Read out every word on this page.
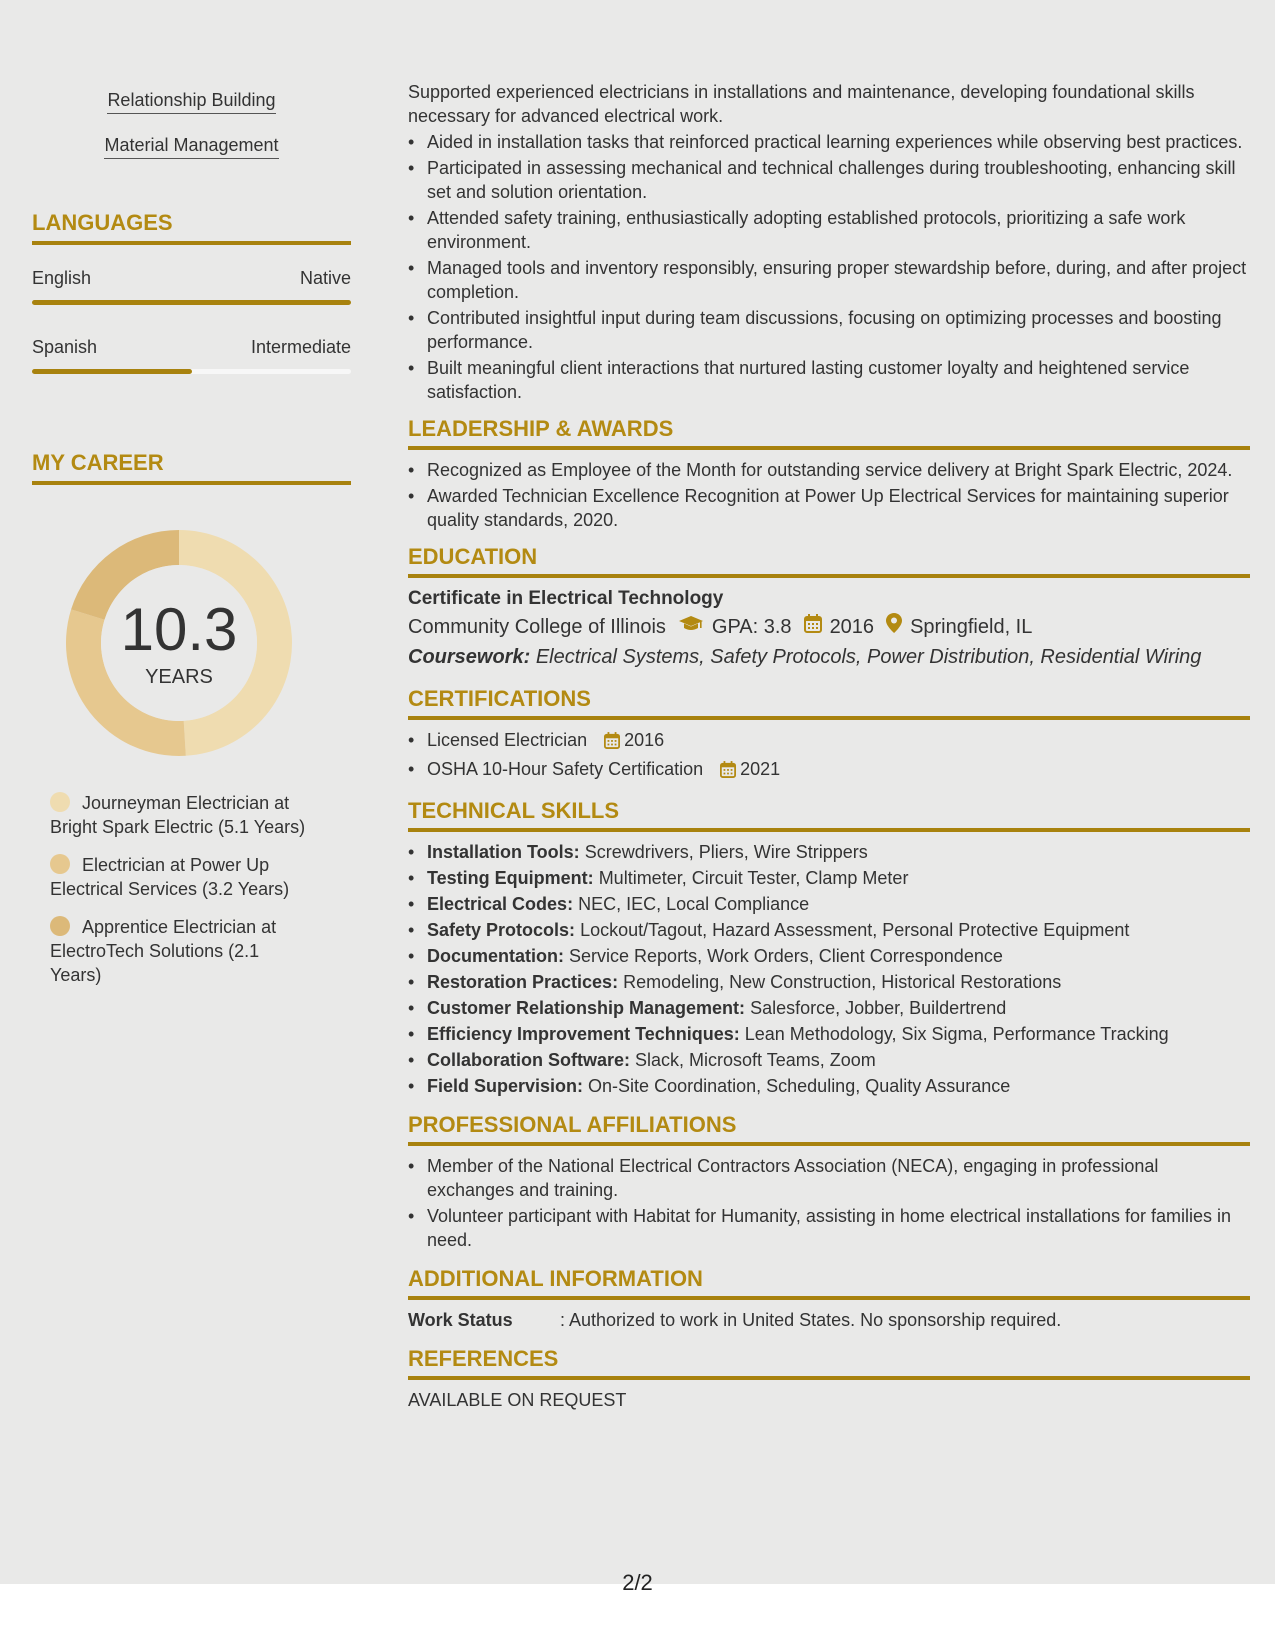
Relationship Building
Material Management
LANGUAGES
English	Native
Spanish	Intermediate
MY CAREER
10.3
YEARS
Journeyman Electrician at Bright Spark Electric (5.1 Years)
Electrician at Power Up Electrical Services (3.2 Years)
Apprentice Electrician at ElectroTech Solutions (2.1 Years)

Supported experienced electricians in installations and maintenance, developing foundational skills necessary for advanced electrical work.

• Aided in installation tasks that reinforced practical learning experiences while observing best practices.
• Participated in assessing mechanical and technical challenges during troubleshooting, enhancing skill set and solution orientation.
• Attended safety training, enthusiastically adopting established protocols, prioritizing a safe work environment.
• Managed tools and inventory responsibly, ensuring proper stewardship before, during, and after project completion.
• Contributed insightful input during team discussions, focusing on optimizing processes and boosting performance.
• Built meaningful client interactions that nurtured lasting customer loyalty and heightened service satisfaction.
LEADERSHIP & AWARDS
• Recognized as Employee of the Month for outstanding service delivery at Bright Spark Electric, 2024.
• Awarded Technician Excellence Recognition at Power Up Electrical Services for maintaining superior quality standards, 2020.
EDUCATION
Certificate in Electrical Technology
Community College of Illinois GPA: 3.8 2016 Springfield, IL
Coursework: Electrical Systems, Safety Protocols, Power Distribution, Residential Wiring
CERTIFICATIONS
• Licensed Electrician 2016
• OSHA 10-Hour Safety Certification 2021
TECHNICAL SKILLS
• Installation Tools: Screwdrivers, Pliers, Wire Strippers
• Testing Equipment: Multimeter, Circuit Tester, Clamp Meter
• Electrical Codes: NEC, IEC, Local Compliance
• Safety Protocols: Lockout/Tagout, Hazard Assessment, Personal Protective Equipment
• Documentation: Service Reports, Work Orders, Client Correspondence
• Restoration Practices: Remodeling, New Construction, Historical Restorations
• Customer Relationship Management: Salesforce, Jobber, Buildertrend
• Efficiency Improvement Techniques: Lean Methodology, Six Sigma, Performance Tracking
• Collaboration Software: Slack, Microsoft Teams, Zoom
• Field Supervision: On-Site Coordination, Scheduling, Quality Assurance
PROFESSIONAL AFFILIATIONS
• Member of the National Electrical Contractors Association (NECA), engaging in professional exchanges and training.
• Volunteer participant with Habitat for Humanity, assisting in home electrical installations for families in need.
ADDITIONAL INFORMATION
Work Status	: Authorized to work in United States. No sponsorship required.
REFERENCES
AVAILABLE ON REQUEST
2/2
